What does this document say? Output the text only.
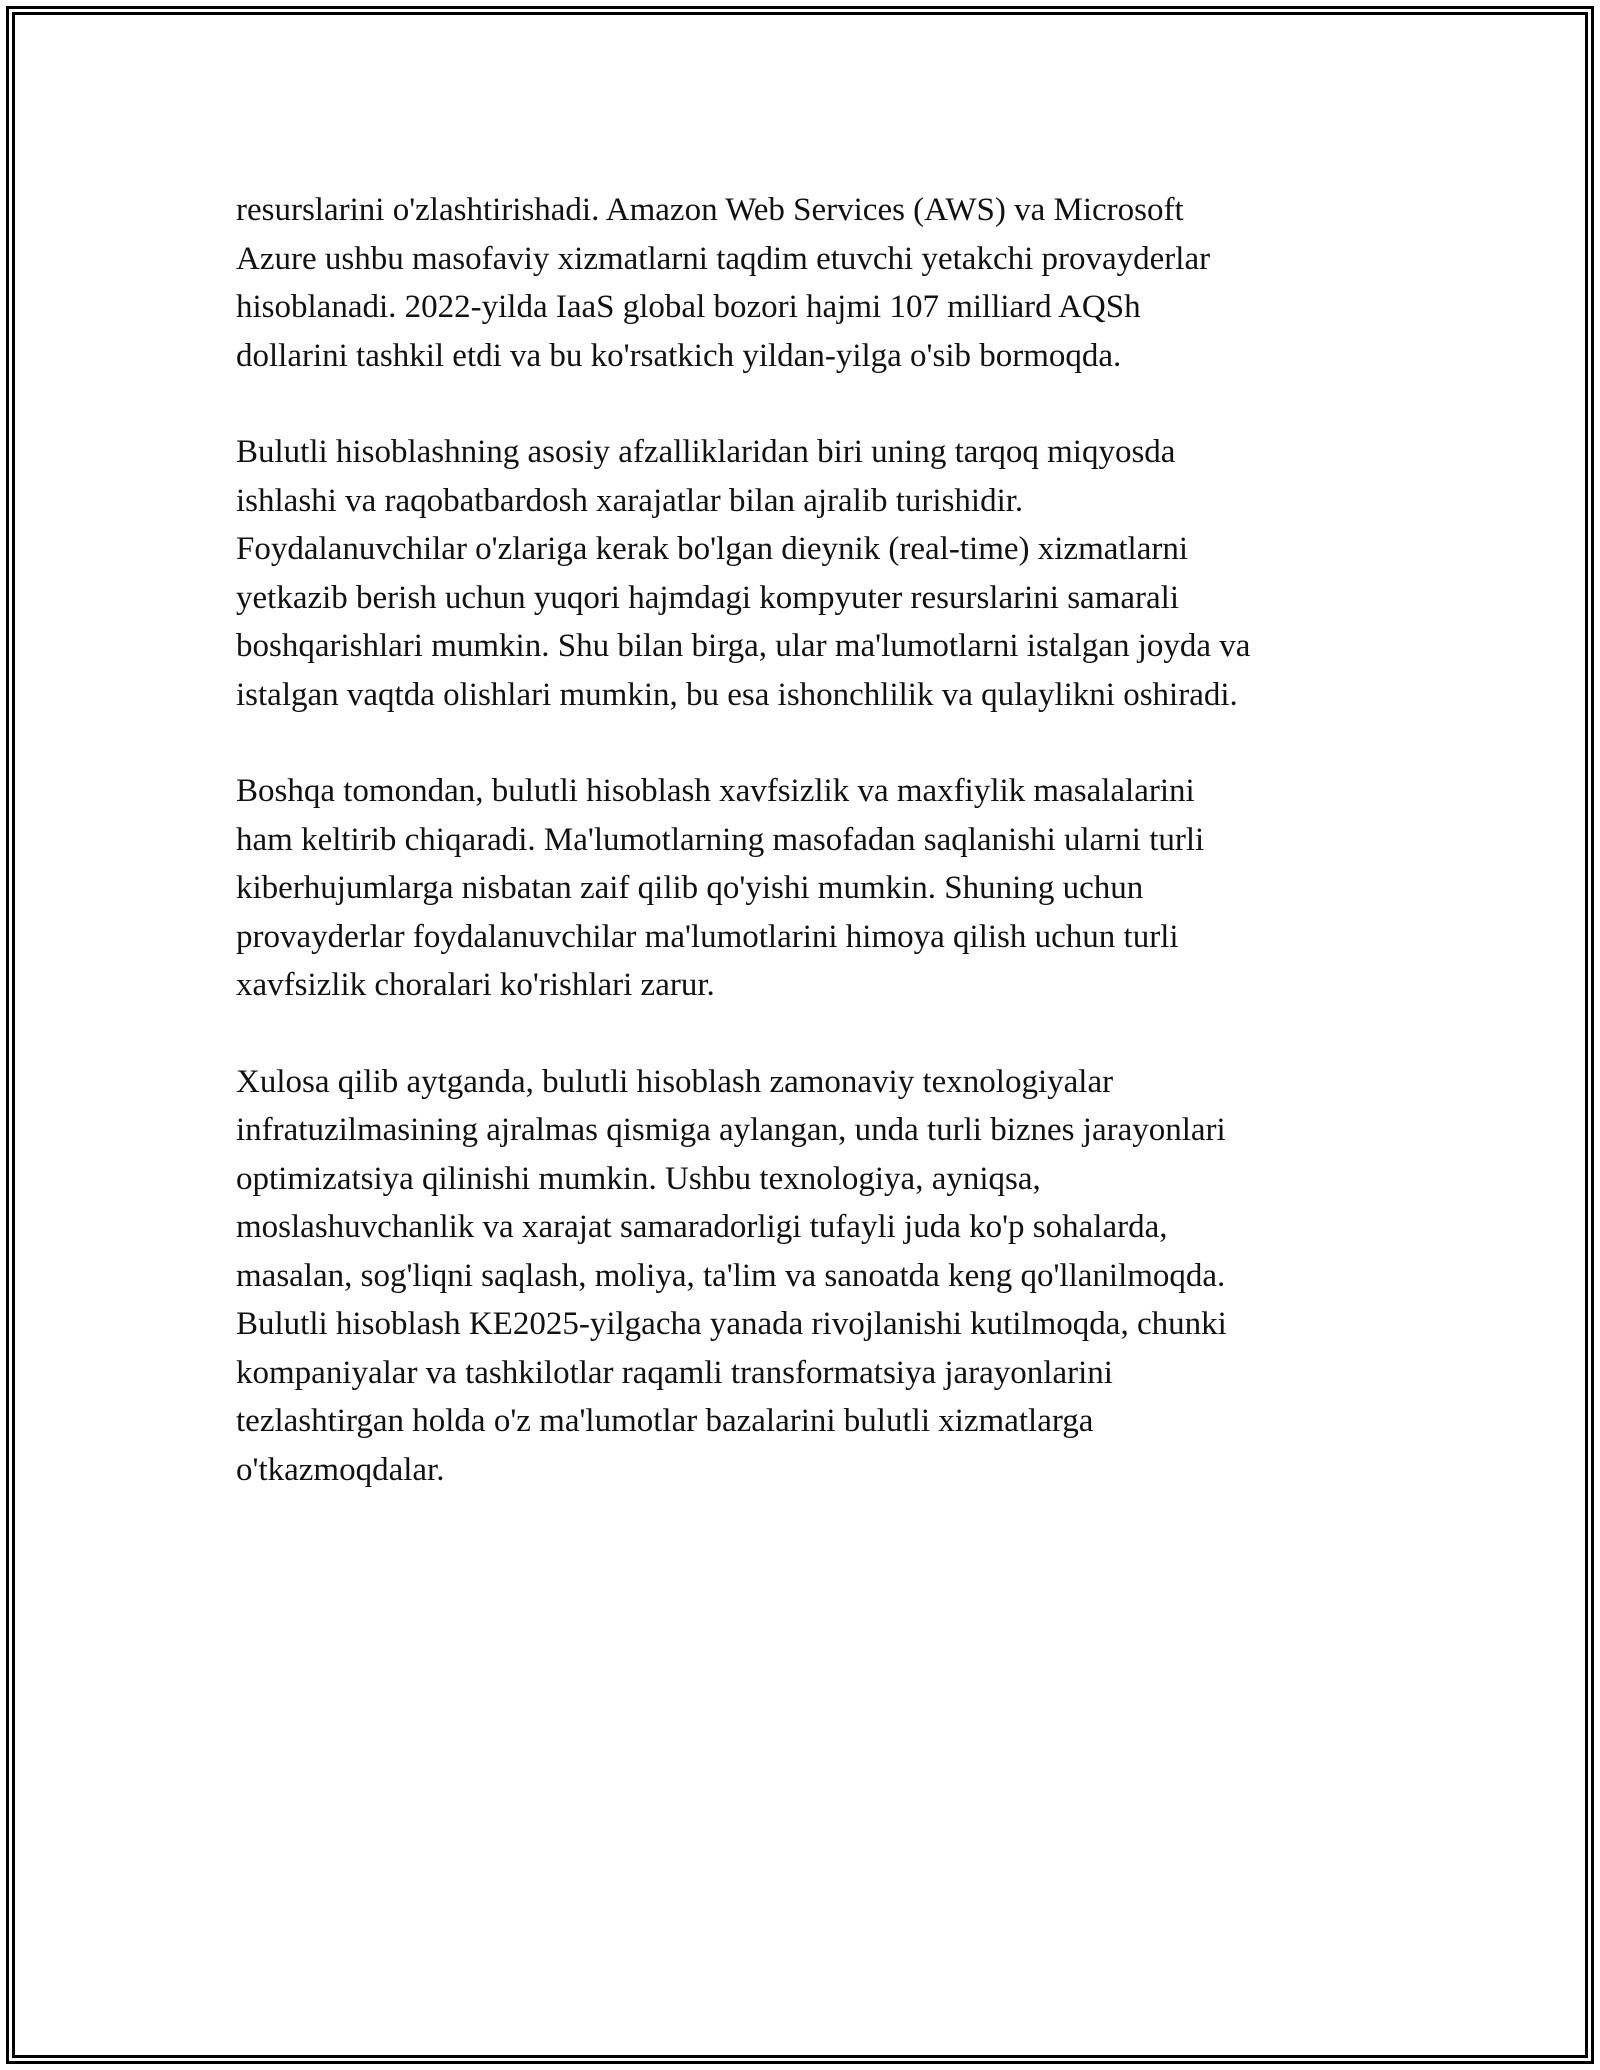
resurslarini o'zlashtirishadi. Amazon Web Services (AWS) va Microsoft
Azure ushbu masofaviy xizmatlarni taqdim etuvchi yetakchi provayderlar
hisoblanadi. 2022-yilda IaaS global bozori hajmi 107 milliard AQSh
dollarini tashkil etdi va bu ko'rsatkich yildan-yilga o'sib bormoqda.

Bulutli hisoblashning asosiy afzalliklaridan biri uning tarqoq miqyosda
ishlashi va raqobatbardosh xarajatlar bilan ajralib turishidir.
Foydalanuvchilar o'zlariga kerak bo'lgan dieynik (real-time) xizmatlarni
yetkazib berish uchun yuqori hajmdagi kompyuter resurslarini samarali
boshqarishlari mumkin. Shu bilan birga, ular ma'lumotlarni istalgan joyda va
istalgan vaqtda olishlari mumkin, bu esa ishonchlilik va qulaylikni oshiradi.

Boshqa tomondan, bulutli hisoblash xavfsizlik va maxfiylik masalalarini
ham keltirib chiqaradi. Ma'lumotlarning masofadan saqlanishi ularni turli
kiberhujumlarga nisbatan zaif qilib qo'yishi mumkin. Shuning uchun
provayderlar foydalanuvchilar ma'lumotlarini himoya qilish uchun turli
xavfsizlik choralari ko'rishlari zarur.

Xulosa qilib aytganda, bulutli hisoblash zamonaviy texnologiyalar
infratuzilmasining ajralmas qismiga aylangan, unda turli biznes jarayonlari
optimizatsiya qilinishi mumkin. Ushbu texnologiya, ayniqsa,
moslashuvchanlik va xarajat samaradorligi tufayli juda ko'p sohalarda,
masalan, sog'liqni saqlash, moliya, ta'lim va sanoatda keng qo'llanilmoqda.
Bulutli hisoblash KE2025-yilgacha yanada rivojlanishi kutilmoqda, chunki
kompaniyalar va tashkilotlar raqamli transformatsiya jarayonlarini
tezlashtirgan holda o'z ma'lumotlar bazalarini bulutli xizmatlarga
o'tkazmoqdalar.
